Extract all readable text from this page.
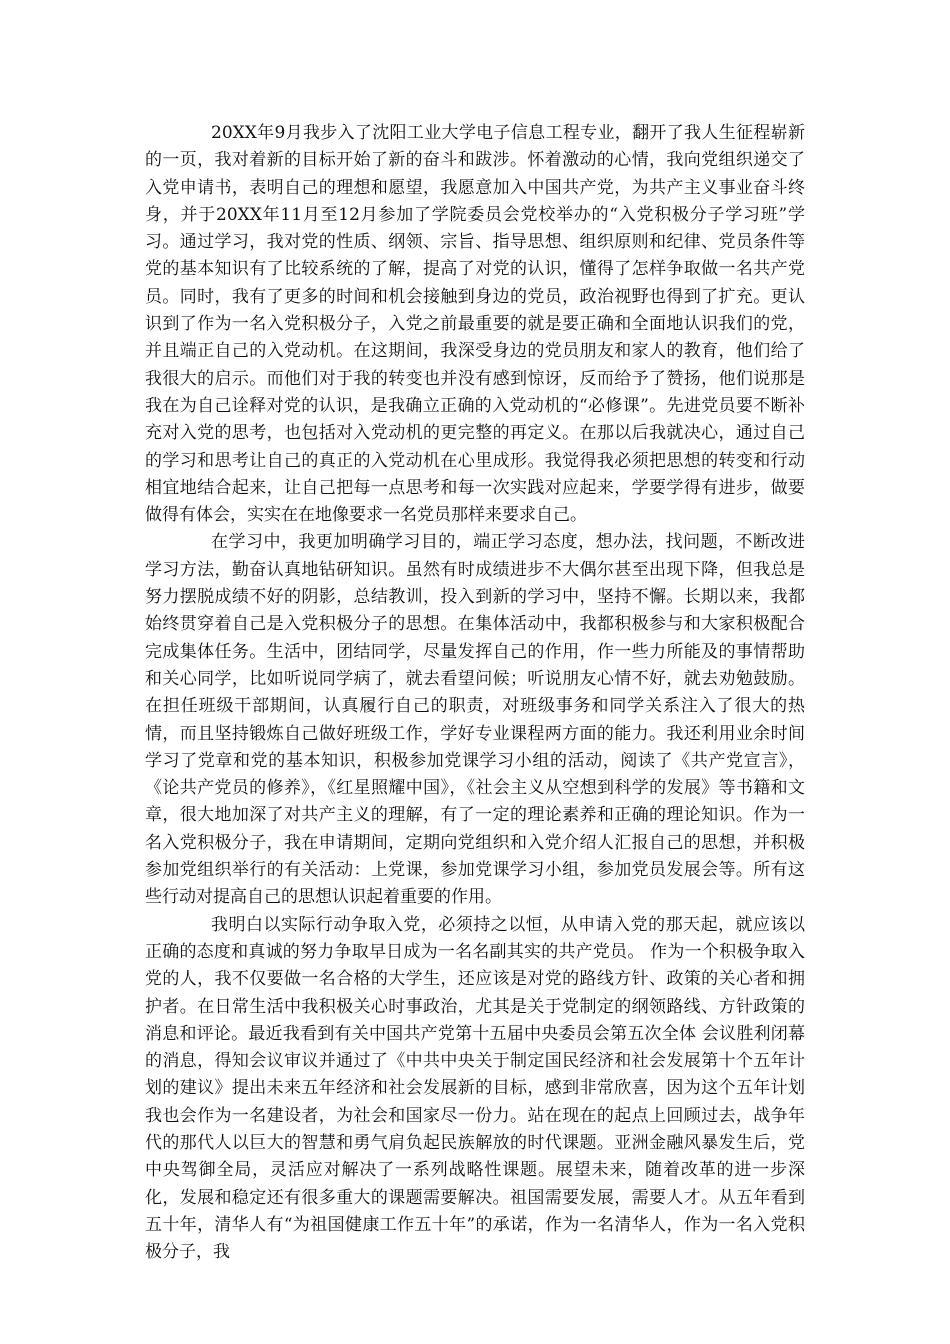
20XX年9月我步入了沈阳工业大学电子信息工程专业，翻开了我人生征程崭新的一页，我对着新的目标开始了新的奋斗和跋涉。怀着激动的心情，我向党组织递交了入党申请书，表明自己的理想和愿望，我愿意加入中国共产党，为共产主义事业奋斗终身，并于20XX年11月至12月参加了学院委员会党校举办的“入党积极分子学习班”学习。通过学习，我对党的性质、纲领、宗旨、指导思想、组织原则和纪律、党员条件等党的基本知识有了比较系统的了解，提高了对党的认识，懂得了怎样争取做一名共产党员。同时，我有了更多的时间和机会接触到身边的党员，政治视野也得到了扩充。更认识到了作为一名入党积极分子，入党之前最重要的就是要正确和全面地认识我们的党，并且端正自己的入党动机。在这期间，我深受身边的党员朋友和家人的教育，他们给了我很大的启示。而他们对于我的转变也并没有感到惊讶，反而给予了赞扬，他们说那是我在为自己诠释对党的认识，是我确立正确的入党动机的“必修课”。先进党员要不断补充对入党的思考，也包括对入党动机的更完整的再定义。在那以后我就决心，通过自己的学习和思考让自己的真正的入党动机在心里成形。我觉得我必须把思想的转变和行动相宜地结合起来，让自己把每一点思考和每一次实践对应起来，学要学得有进步，做要做得有体会，实实在在地像要求一名党员那样来要求自己。

在学习中，我更加明确学习目的，端正学习态度，想办法，找问题，不断改进学习方法，勤奋认真地钻研知识。虽然有时成绩进步不大偶尔甚至出现下降，但我总是努力摆脱成绩不好的阴影，总结教训，投入到新的学习中，坚持不懈。长期以来，我都始终贯穿着自己是入党积极分子的思想。在集体活动中，我都积极参与和大家积极配合完成集体任务。生活中，团结同学，尽量发挥自己的作用，作一些力所能及的事情帮助和关心同学，比如听说同学病了，就去看望问候；听说朋友心情不好，就去劝勉鼓励。在担任班级干部期间，认真履行自己的职责，对班级事务和同学关系注入了很大的热情，而且坚持锻炼自己做好班级工作，学好专业课程两方面的能力。我还利用业余时间学习了党章和党的基本知识，积极参加党课学习小组的活动，阅读了《共产党宣言》，《论共产党员的修养》，《红星照耀中国》，《社会主义从空想到科学的发展》等书籍和文章，很大地加深了对共产主义的理解，有了一定的理论素养和正确的理论知识。作为一名入党积极分子，我在申请期间，定期向党组织和入党介绍人汇报自己的思想，并积极参加党组织举行的有关活动：上党课，参加党课学习小组，参加党员发展会等。所有这些行动对提高自己的思想认识起着重要的作用。

我明白以实际行动争取入党，必须持之以恒，从申请入党的那天起，就应该以正确的态度和真诚的努力争取早日成为一名名副其实的共产党员。 作为一个积极争取入党的人，我不仅要做一名合格的大学生，还应该是对党的路线方针、政策的关心者和拥护者。在日常生活中我积极关心时事政治，尤其是关于党制定的纲领路线、方针政策的消息和评论。最近我看到有关中国共产党第十五届中央委员会第五次全体 会议胜利闭幕的消息，得知会议审议并通过了《中共中央关于制定国民经济和社会发展第十个五年计划的建议》提出未来五年经济和社会发展新的目标，感到非常欣喜，因为这个五年计划我也会作为一名建设者，为社会和国家尽一份力。站在现在的起点上回顾过去，战争年代的那代人以巨大的智慧和勇气肩负起民族解放的时代课题。亚洲金融风暴发生后，党中央驾御全局，灵活应对解决了一系列战略性课题。展望未来，随着改革的进一步深化，发展和稳定还有很多重大的课题需要解决。祖国需要发展，需要人才。从五年看到五十年，清华人有“为祖国健康工作五十年”的承诺，作为一名清华人，作为一名入党积极分子，我
